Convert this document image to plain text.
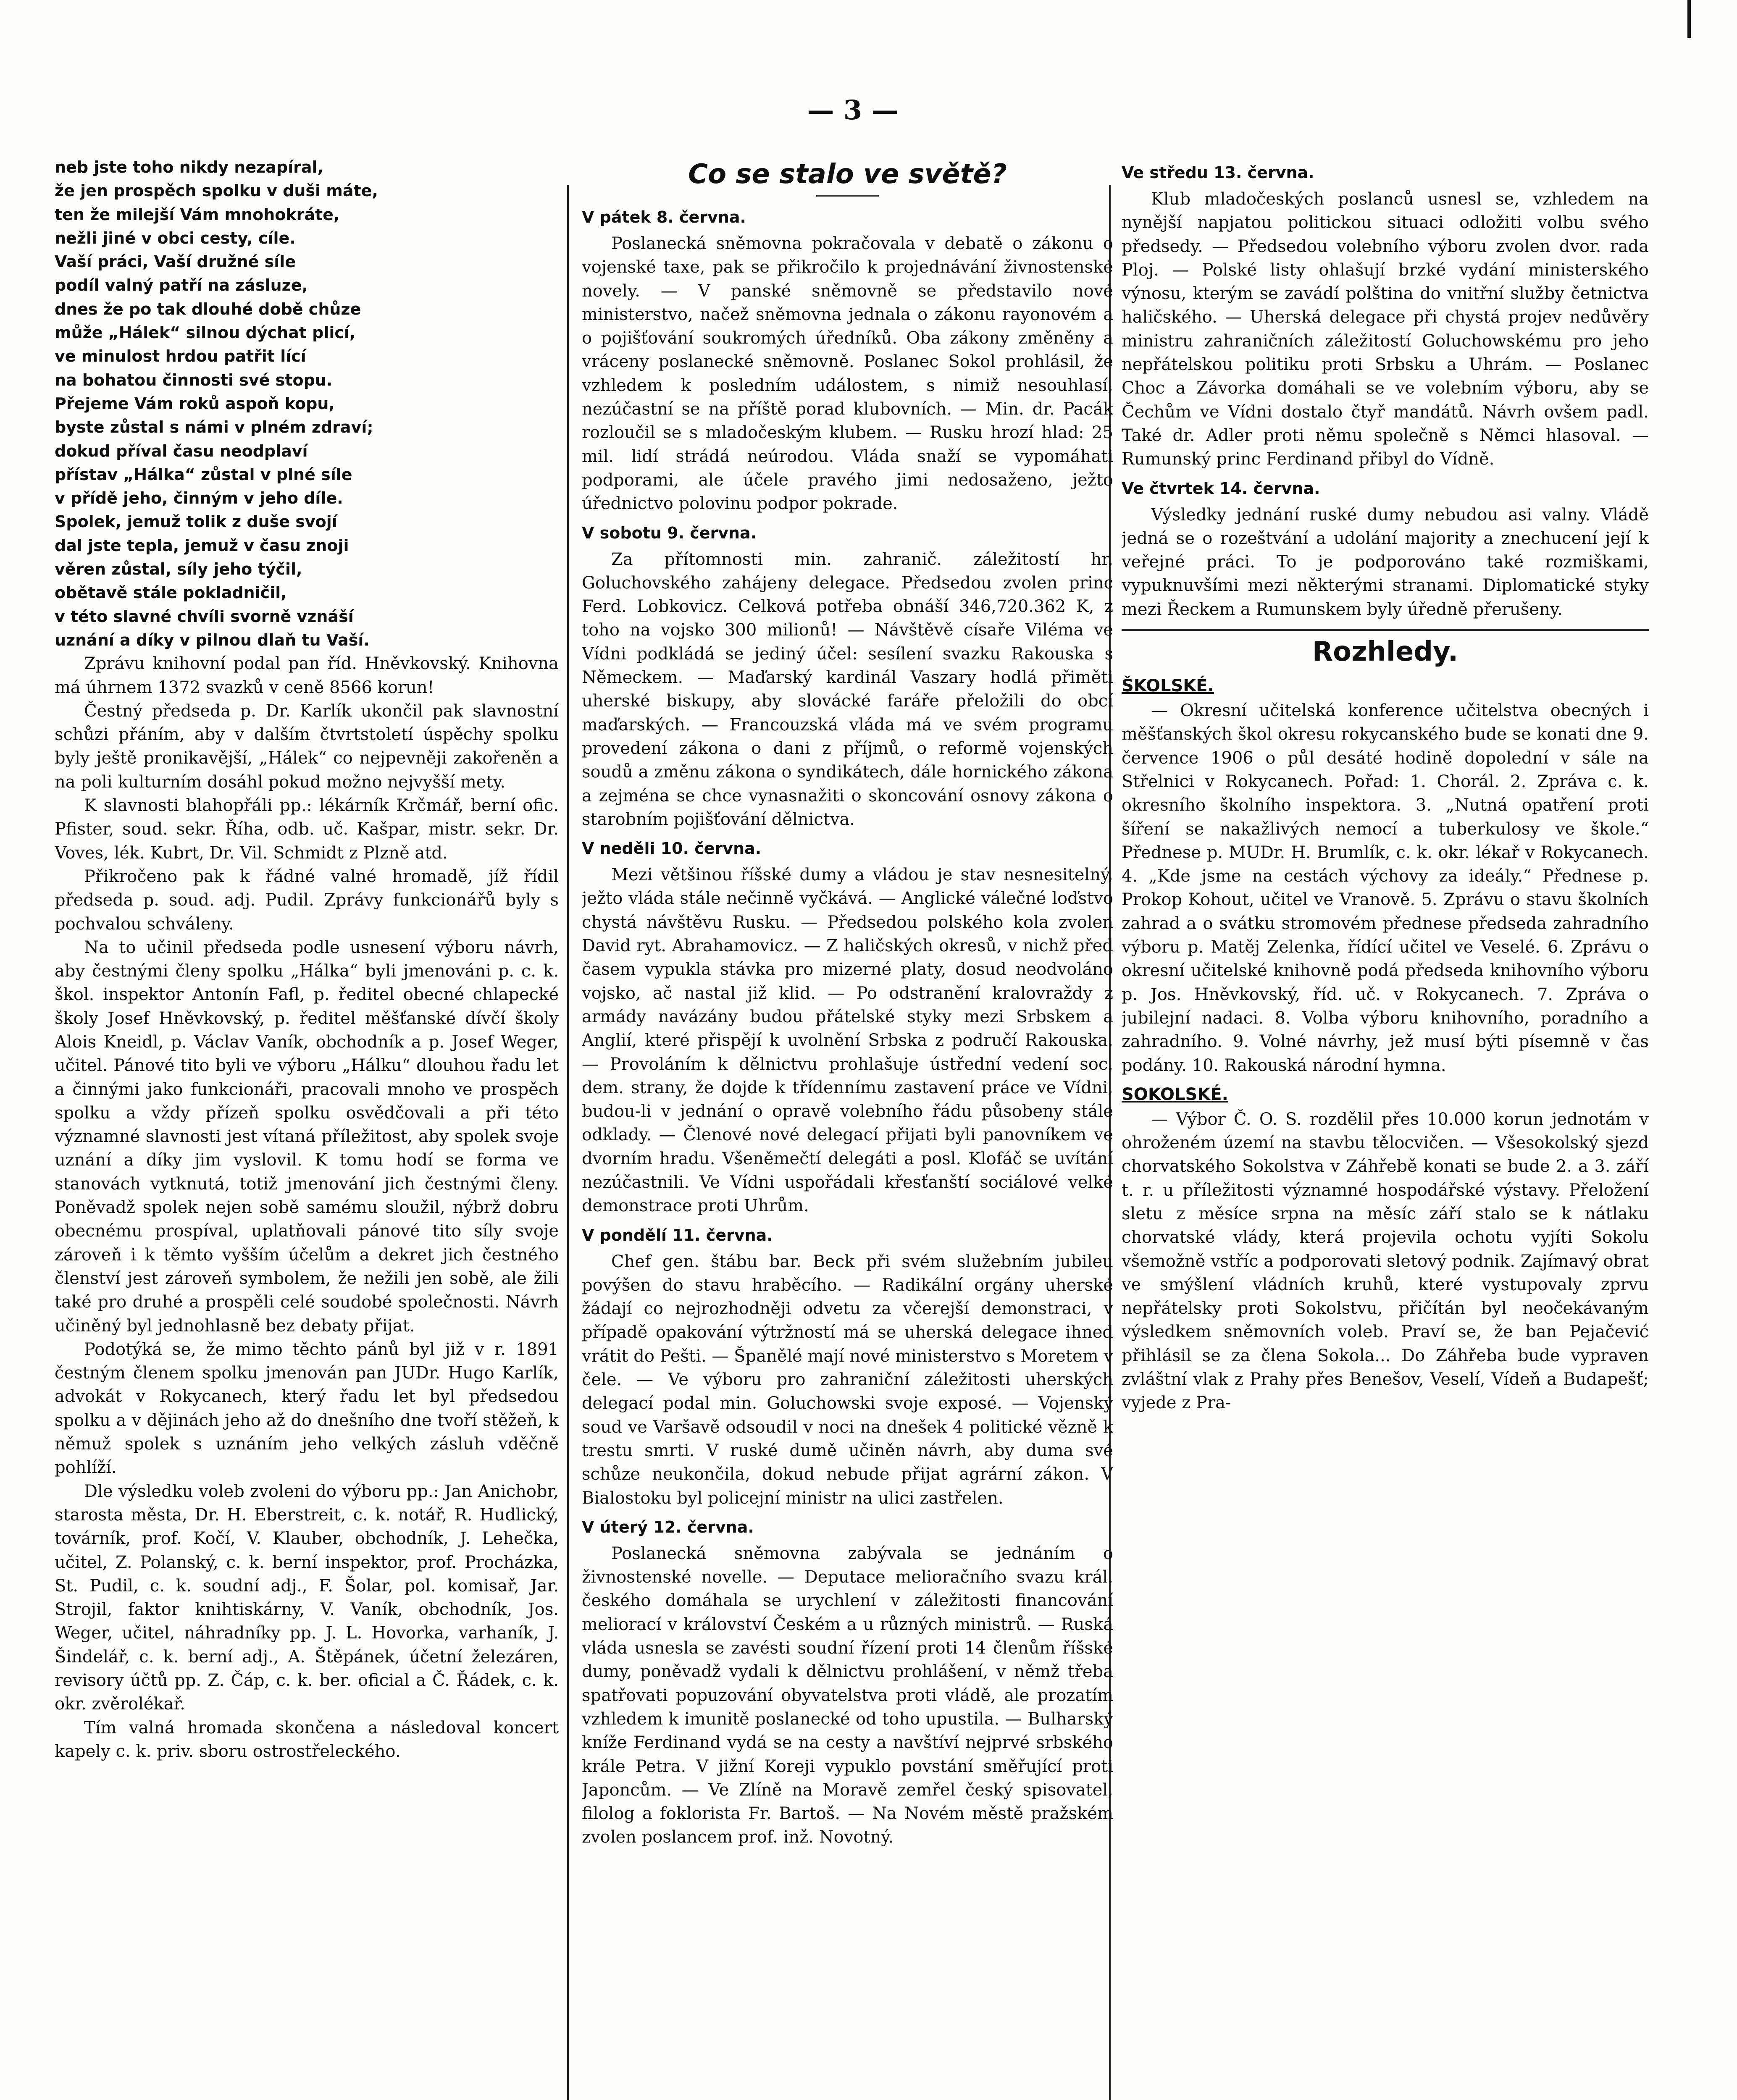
— 3 —

neb jste toho nikdy nezapíral,

že jen prospěch spolku v duši máte,

ten že milejší Vám mnohokráte,

nežli jiné v obci cesty, cíle.

Vaší práci, Vaší družné síle

podíl valný patří na zásluze,

dnes že po tak dlouhé době chůze

může „Hálek“ silnou dýchat plicí,

ve minulost hrdou patřit lící

na bohatou činnosti své stopu.

Přejeme Vám roků aspoň kopu,

byste zůstal s námi v plném zdraví;

dokud příval času neodplaví

přístav „Hálka“ zůstal v plné síle

v přídě jeho, činným v jeho díle.

Spolek, jemuž tolik z duše svojí

dal jste tepla, jemuž v času znoji

věren zůstal, síly jeho týčil,

obětavě stále pokladničil,

v této slavné chvíli svorně vznáší

uznání a díky v pilnou dlaň tu Vaší.

Zprávu knihovní podal pan říd. Hněvkovský. Knihovna má úhrnem 1372 svazků v ceně 8566 korun!

Čestný předseda p. Dr. Karlík ukončil pak slavnostní schůzi přáním, aby v dalším čtvrtstoletí úspěchy spolku byly ještě pronikavější, „Hálek“ co nejpevněji zakořeněn a na poli kulturním dosáhl pokud možno nejvyšší mety.

K slavnosti blahopřáli pp.: lékárník Krčmář, berní ofic. Pfister, soud. sekr. Říha, odb. uč. Kašpar, mistr. sekr. Dr. Voves, lék. Kubrt, Dr. Vil. Schmidt z Plzně atd.

Přikročeno pak k řádné valné hromadě, jíž řídil předseda p. soud. adj. Pudil. Zprávy funkcionářů byly s pochvalou schváleny.

Na to učinil předseda podle usnesení výboru návrh, aby čestnými členy spolku „Hálka“ byli jmenováni p. c. k. škol. inspektor Antonín Fafl, p. ředitel obecné chlapecké školy Josef Hněvkovský, p. ředitel měšťanské dívčí školy Alois Kneidl, p. Václav Vaník, obchodník a p. Josef Weger, učitel. Pánové tito byli ve výboru „Hálku“ dlouhou řadu let a činnými jako funkcionáři, pracovali mnoho ve prospěch spolku a vždy přízeň spolku osvědčovali a při této významné slavnosti jest vítaná příležitost, aby spolek svoje uznání a díky jim vyslovil. K tomu hodí se forma ve stanovách vytknutá, totiž jmenování jich čestnými členy. Poněvadž spolek nejen sobě samému sloužil, nýbrž dobru obecnému prospíval, uplatňovali pánové tito síly svoje zároveň i k těmto vyšším účelům a dekret jich čestného členství jest zároveň symbolem, že nežili jen sobě, ale žili také pro druhé a prospěli celé soudobé společnosti. Návrh učiněný byl jednohlasně bez debaty přijat.

Podotýká se, že mimo těchto pánů byl již v r. 1891 čestným členem spolku jmenován pan JUDr. Hugo Karlík, advokát v Rokycanech, který řadu let byl předsedou spolku a v dějinách jeho až do dnešního dne tvoří stěžeň, k němuž spolek s uznáním jeho velkých zásluh vděčně pohlíží.

Dle výsledku voleb zvoleni do výboru pp.: Jan Anichobr, starosta města, Dr. H. Eberstreit, c. k. notář, R. Hudlický, továrník, prof. Kočí, V. Klauber, obchodník, J. Lehečka, učitel, Z. Polanský, c. k. berní inspektor, prof. Procházka, St. Pudil, c. k. soudní adj., F. Šolar, pol. komisař, Jar. Strojil, faktor knihtiskárny, V. Vaník, obchodník, Jos. Weger, učitel, náhradníky pp. J. L. Hovorka, varhaník, J. Šindelář, c. k. berní adj., A. Štěpánek, účetní železáren, revisory účtů pp. Z. Čáp, c. k. ber. oficial a Č. Řádek, c. k. okr. zvěrolékař.

Tím valná hromada skončena a následoval koncert kapely c. k. priv. sboru ostrostřeleckého.

Co se stalo ve světě?
V pátek 8. června.

Poslanecká sněmovna pokračovala v debatě o zákonu o vojenské taxe, pak se přikročilo k projednávání živnostenské novely. — V panské sněmovně se představilo nové ministerstvo, načež sněmovna jednala o zákonu rayonovém a o pojišťování soukromých úředníků. Oba zákony změněny a vráceny poslanecké sněmovně. Poslanec Sokol prohlásil, že vzhledem k posledním událostem, s nimiž nesouhlasí, nezúčastní se na příště porad klubovních. — Min. dr. Pacák rozloučil se s mladočeským klubem. — Rusku hrozí hlad: 25 mil. lidí strádá neúrodou. Vláda snaží se vypomáhati podporami, ale účele pravého jimi nedosaženo, ježto úřednictvo polovinu podpor pokrade.

V sobotu 9. června.

Za přítomnosti min. zahranič. záležitostí hr. Goluchovského zahájeny delegace. Předsedou zvolen princ Ferd. Lobkovicz. Celková potřeba obnáší 346,720.362 K, z toho na vojsko 300 milionů! — Návštěvě císaře Viléma ve Vídni podkládá se jediný účel: sesílení svazku Rakouska s Německem. — Maďarský kardinál Vaszary hodlá přiměti uherské biskupy, aby slovácké faráře přeložili do obcí maďarských. — Francouzská vláda má ve svém programu provedení zákona o dani z příjmů, o reformě vojenských soudů a změnu zákona o syndikátech, dále hornického zákona a zejména se chce vynasnažiti o skoncování osnovy zákona o starobním pojišťování dělnictva.

V neděli 10. června.

Mezi většinou říšské dumy a vládou je stav nesnesitelný, ježto vláda stále nečinně vyčkává. — Anglické válečné loďstvo chystá návštěvu Rusku. — Předsedou polského kola zvolen David ryt. Abrahamovicz. — Z haličských okresů, v nichž před časem vypukla stávka pro mizerné platy, dosud neodvoláno vojsko, ač nastal již klid. — Po odstranění kralovraždy z armády navázány budou přátelské styky mezi Srbskem a Anglií, které přispějí k uvolnění Srbska z područí Rakouska. — Provoláním k dělnictvu prohlašuje ústřední vedení soc. dem. strany, že dojde k třídennímu zastavení práce ve Vídni, budou-li v jednání o opravě volebního řádu působeny stále odklady. — Členové nové delegací přijati byli panovníkem ve dvorním hradu. Všeněmečtí delegáti a posl. Klofáč se uvítání nezúčastnili. Ve Vídni uspořádali křesťanští sociálové velké demonstrace proti Uhrům.

V pondělí 11. června.

Chef gen. štábu bar. Beck při svém služebním jubileu povýšen do stavu hraběcího. — Radikální orgány uherské žádají co nejrozhodněji odvetu za včerejší demonstraci, v případě opakování výtržností má se uherská delegace ihned vrátit do Pešti. — Španělé mají nové ministerstvo s Moretem v čele. — Ve výboru pro zahraniční záležitosti uherských delegací podal min. Goluchowski svoje exposé. — Vojenský soud ve Varšavě odsoudil v noci na dnešek 4 politické vězně k trestu smrti. V ruské dumě učiněn návrh, aby duma své schůze neukončila, dokud nebude přijat agrární zákon. V Bialostoku byl policejní ministr na ulici zastřelen.

V úterý 12. června.

Poslanecká sněmovna zabývala se jednáním o živnostenské novelle. — Deputace melioračního svazu král. českého domáhala se urychlení v záležitosti financování meliorací v království Českém a u různých ministrů. — Ruská vláda usnesla se zavésti soudní řízení proti 14 členům říšské dumy, poněvadž vydali k dělnictvu prohlášení, v němž třeba spatřovati popuzování obyvatelstva proti vládě, ale prozatím vzhledem k imunitě poslanecké od toho upustila. — Bulharský kníže Ferdinand vydá se na cesty a navštíví nejprvé srbského krále Petra. V jižní Koreji vypuklo povstání směřující proti Japoncům. — Ve Zlíně na Moravě zemřel český spisovatel, filolog a foklorista Fr. Bartoš. — Na Novém městě pražském zvolen poslancem prof. inž. Novotný.

Ve středu 13. června.

Klub mladočeských poslanců usnesl se, vzhledem na nynější napjatou politickou situaci odložiti volbu svého předsedy. — Předsedou volebního výboru zvolen dvor. rada Ploj. — Polské listy ohlašují brzké vydání ministerského výnosu, kterým se zavádí polština do vnitřní služby četnictva haličského. — Uherská delegace při chystá projev nedůvěry ministru zahraničních záležitostí Goluchowskému pro jeho nepřátelskou politiku proti Srbsku a Uhrám. — Poslanec Choc a Závorka domáhali se ve volebním výboru, aby se Čechům ve Vídni dostalo čtyř mandátů. Návrh ovšem padl. Také dr. Adler proti němu společně s Němci hlasoval. — Rumunský princ Ferdinand přibyl do Vídně.

Ve čtvrtek 14. června.

Výsledky jednání ruské dumy nebudou asi valny. Vládě jedná se o rozeštvání a udolání majority a znechucení její k veřejné práci. To je podporováno také rozmiškami, vypuknuvšími mezi některými stranami. Diplomatické styky mezi Řeckem a Rumunskem byly úředně přerušeny.

Rozhledy.
ŠKOLSKÉ.

— Okresní učitelská konference učitelstva obecných i měšťanských škol okresu rokycanského bude se konati dne 9. července 1906 o půl desáté hodině dopolední v sále na Střelnici v Rokycanech. Pořad: 1. Chorál. 2. Zpráva c. k. okresního školního inspektora. 3. „Nutná opatření proti šíření se nakažlivých nemocí a tuberkulosy ve škole.“ Přednese p. MUDr. H. Brumlík, c. k. okr. lékař v Rokycanech. 4. „Kde jsme na cestách výchovy za ideály.“ Přednese p. Prokop Kohout, učitel ve Vranově. 5. Zprávu o stavu školních zahrad a o svátku stromovém přednese předseda zahradního výboru p. Matěj Zelenka, řídící učitel ve Veselé. 6. Zprávu o okresní učitelské knihovně podá předseda knihovního výboru p. Jos. Hněvkovský, říd. uč. v Rokycanech. 7. Zpráva o jubilejní nadaci. 8. Volba výboru knihovního, poradního a zahradního. 9. Volné návrhy, jež musí býti písemně v čas podány. 10. Rakouská národní hymna.

SOKOLSKÉ.

— Výbor Č. O. S. rozdělil přes 10.000 korun jednotám v ohroženém území na stavbu tělocvičen. — Všesokolský sjezd chorvatského Sokolstva v Záhřebě konati se bude 2. a 3. září t. r. u příležitosti významné hospodářské výstavy. Přeložení sletu z měsíce srpna na měsíc září stalo se k nátlaku chorvatské vlády, která projevila ochotu vyjíti Sokolu všemožně vstříc a podporovati sletový podnik. Zajímavý obrat ve smýšlení vládních kruhů, které vystupovaly zprvu nepřátelsky proti Sokolstvu, přičítán byl neočekávaným výsledkem sněmovních voleb. Praví se, že ban Pejačević přihlásil se za člena Sokola... Do Záhřeba bude vypraven zvláštní vlak z Prahy přes Benešov, Veselí, Vídeň a Budapešť; vyjede z Pra-
